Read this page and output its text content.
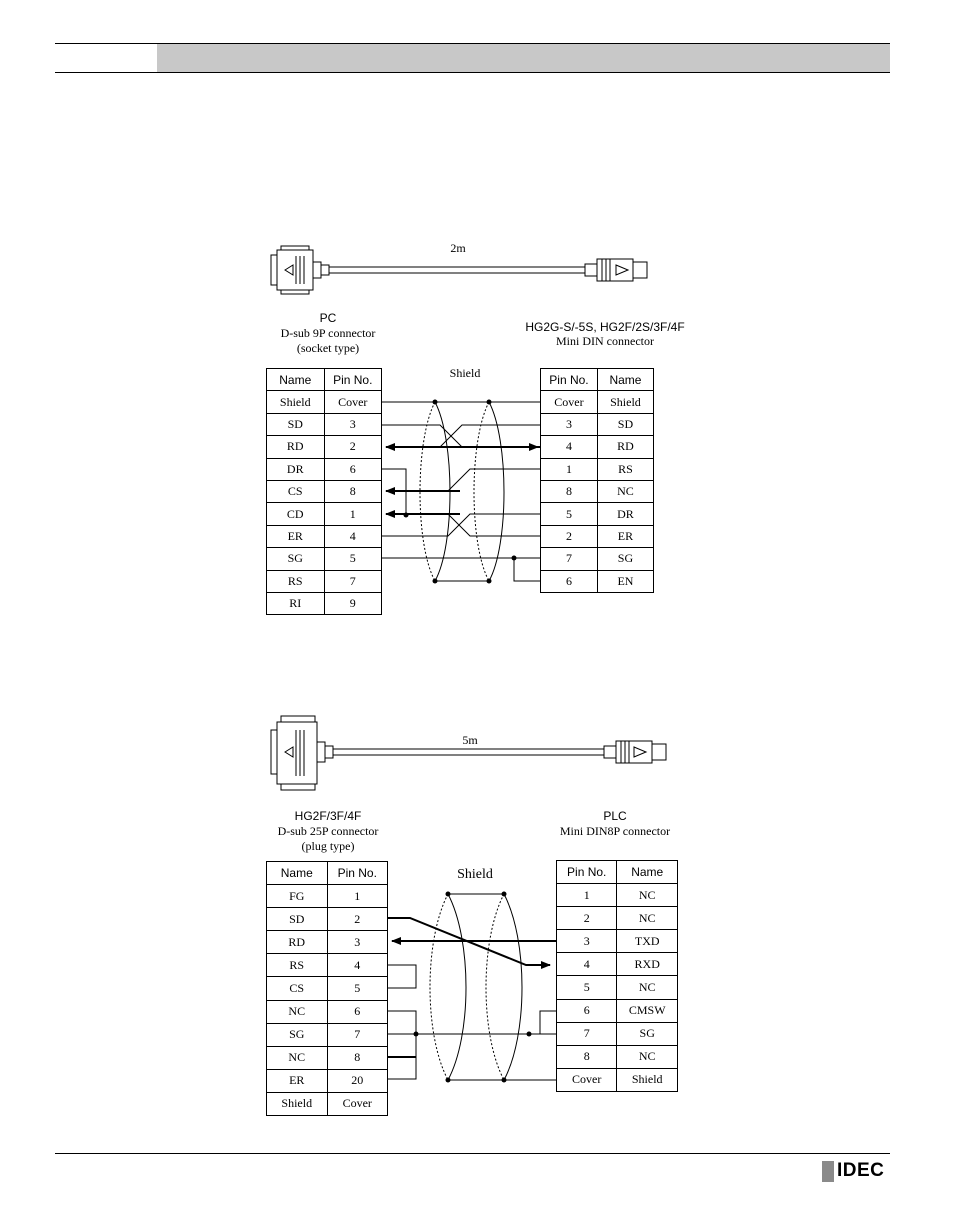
IDEC
2m
PC
D-sub 9P connector
(socket type)
HG2G-S/-5S, HG2F/2S/3F/4F
Mini DIN connector
Shield
Name	Pin No.
Shield	Cover
SD	3
RD	2
DR	6
CS	8
CD	1
ER	4
SG	5
RS	7
RI	9
Pin No.	Name
Cover	Shield
3	SD
4	RD
1	RS
8	NC
5	DR
2	ER
7	SG
6	EN
5m
HG2F/3F/4F
D-sub 25P connector
(plug type)
PLC
Mini DIN8P connector
Shield
Name	Pin No.
FG	1
SD	2
RD	3
RS	4
CS	5
NC	6
SG	7
NC	8
ER	20
Shield	Cover
Pin No.	Name
1	NC
2	NC
3	TXD
4	RXD
5	NC
6	CMSW
7	SG
8	NC
Cover	Shield
